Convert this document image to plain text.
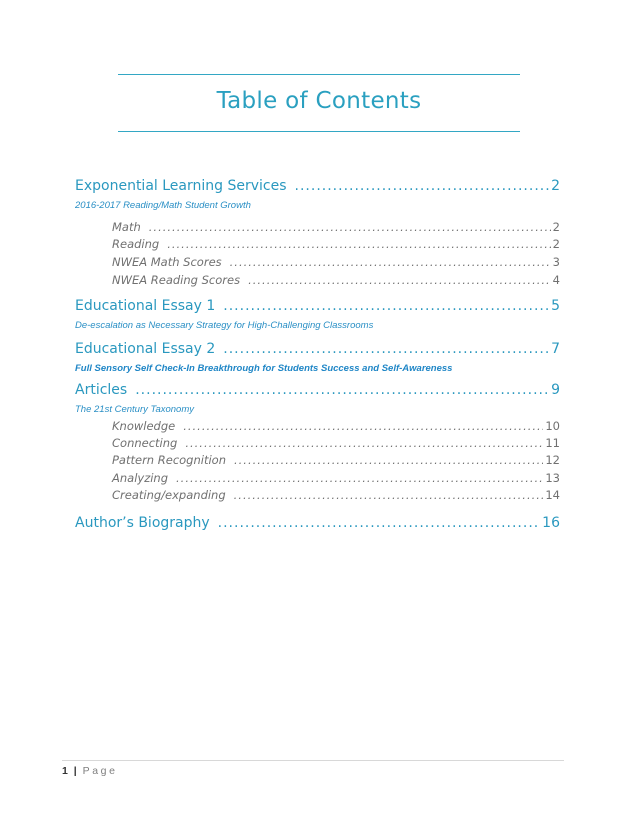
Table of Contents
Exponential Learning Services .....	2
2016-2017 Reading/Math Student Growth
Math .....	2
Reading .....	2
NWEA Math Scores .....	3
NWEA Reading Scores .....	4
Educational Essay 1 .....	5
De-escalation as Necessary Strategy for High-Challenging Classrooms
Educational Essay 2 .....	7
Full Sensory Self Check-In Breakthrough for Students Success and Self-Awareness
Articles .....	9
The 21st Century Taxonomy
Knowledge .....	10
Connecting .....	11
Pattern Recognition .....	12
Analyzing .....	13
Creating/expanding .....	14
Author’s Biography .....	16
1 | Page
